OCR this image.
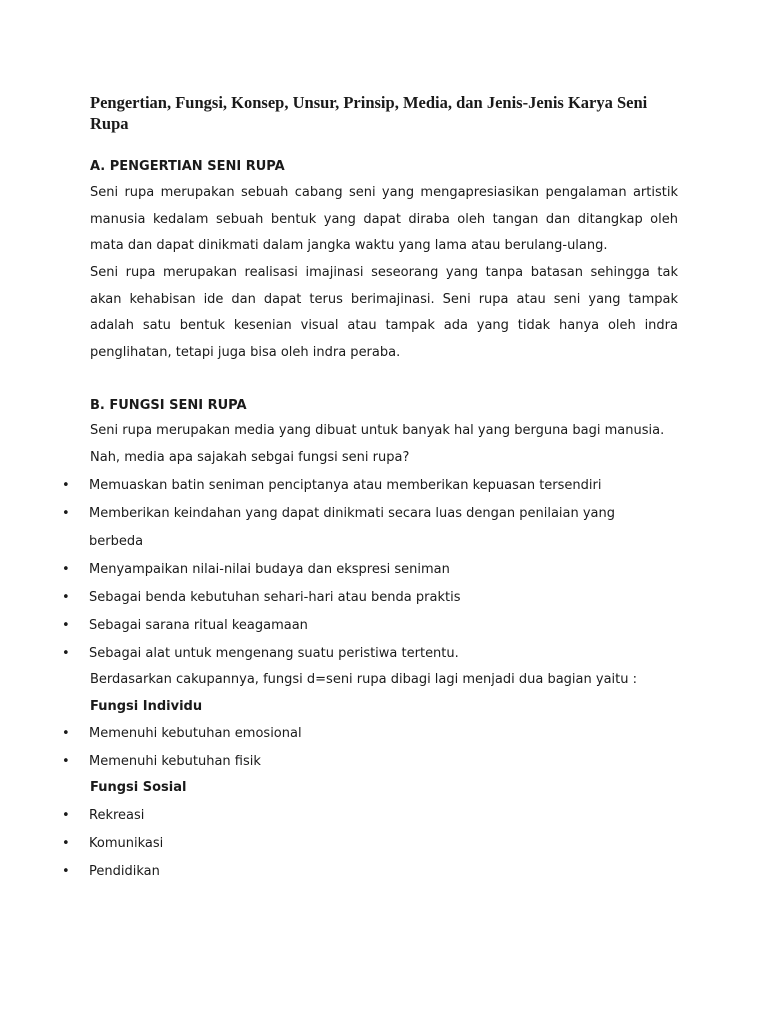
Pengertian, Fungsi, Konsep, Unsur, Prinsip, Media, dan Jenis-Jenis Karya Seni Rupa
A. PENGERTIAN SENI RUPA

Seni rupa merupakan sebuah cabang seni yang mengapresiasikan pengalaman artistik manusia kedalam sebuah bentuk yang dapat diraba oleh tangan dan ditangkap oleh mata dan dapat dinikmati dalam jangka waktu yang lama atau berulang-ulang.

Seni rupa merupakan realisasi imajinasi seseorang yang tanpa batasan sehingga tak akan kehabisan ide dan dapat terus berimajinasi. Seni rupa atau seni yang tampak adalah satu bentuk kesenian visual atau tampak ada yang tidak hanya oleh indra penglihatan, tetapi juga bisa oleh indra peraba.

B. FUNGSI SENI RUPA

Seni rupa merupakan media yang dibuat untuk banyak hal yang berguna bagi manusia.

Nah, media apa sajakah sebgai fungsi seni rupa?

• Memuaskan batin seniman penciptanya atau memberikan kepuasan tersendiri
• Memberikan keindahan yang dapat dinikmati secara luas dengan penilaian yang berbeda
• Menyampaikan nilai-nilai budaya dan ekspresi seniman
• Sebagai benda kebutuhan sehari-hari atau benda praktis
• Sebagai sarana ritual keagamaan
• Sebagai alat untuk mengenang suatu peristiwa tertentu.

Berdasarkan cakupannya, fungsi d=seni rupa dibagi lagi menjadi dua bagian yaitu :

Fungsi Individu
• Memenuhi kebutuhan emosional
• Memenuhi kebutuhan fisik
Fungsi Sosial
• Rekreasi
• Komunikasi
• Pendidikan
